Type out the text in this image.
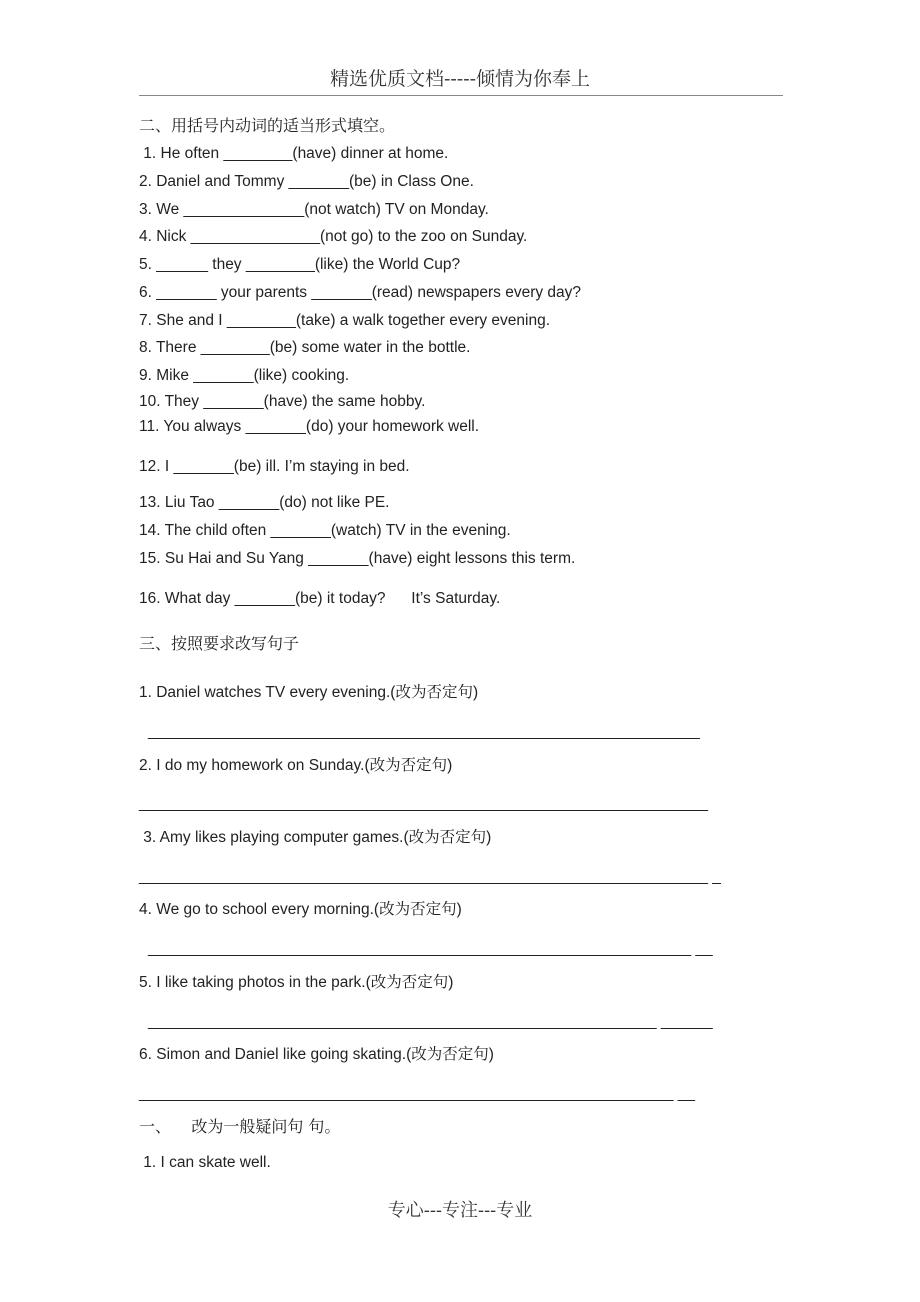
精选优质文档-----倾情为你奉上
二、用括号内动词的适当形式填空。
1. He often ________(have) dinner at home.
2. Daniel and Tommy _______(be) in Class One.
3. We ______________(not watch) TV on Monday.
4. Nick _______________(not go) to the zoo on Sunday.
5. ______ they ________(like) the World Cup?
6. _______ your parents _______(read) newspapers every day?
7. She and I ________(take) a walk together every evening.
8. There ________(be) some water in the bottle.
9. Mike _______(like) cooking.
10. They _______(have) the same hobby.
11. You always _______(do) your homework well.
12. I _______(be) ill. I’m staying in bed.
13. Liu Tao _______(do) not like PE.
14. The child often _______(watch) TV in the evening.
15. Su Hai and Su Yang _______(have) eight lessons this term.
16. What day _______(be) it today?      It’s Saturday.
三、按照要求改写句子
1. Daniel watches TV every evening.(改为否定句)
________________________________________________________________
2. I do my homework on Sunday.(改为否定句)
__________________________________________________________________
3. Amy likes playing computer games.(改为否定句)
__________________________________________________________________ _
4. We go to school every morning.(改为否定句)
_______________________________________________________________ __
5. I like taking photos in the park.(改为否定句)
___________________________________________________________ ______
6. Simon and Daniel like going skating.(改为否定句)
______________________________________________________________ __
一、    改为一般疑问句 句。
1. I can skate well.
专心---专注---专业
